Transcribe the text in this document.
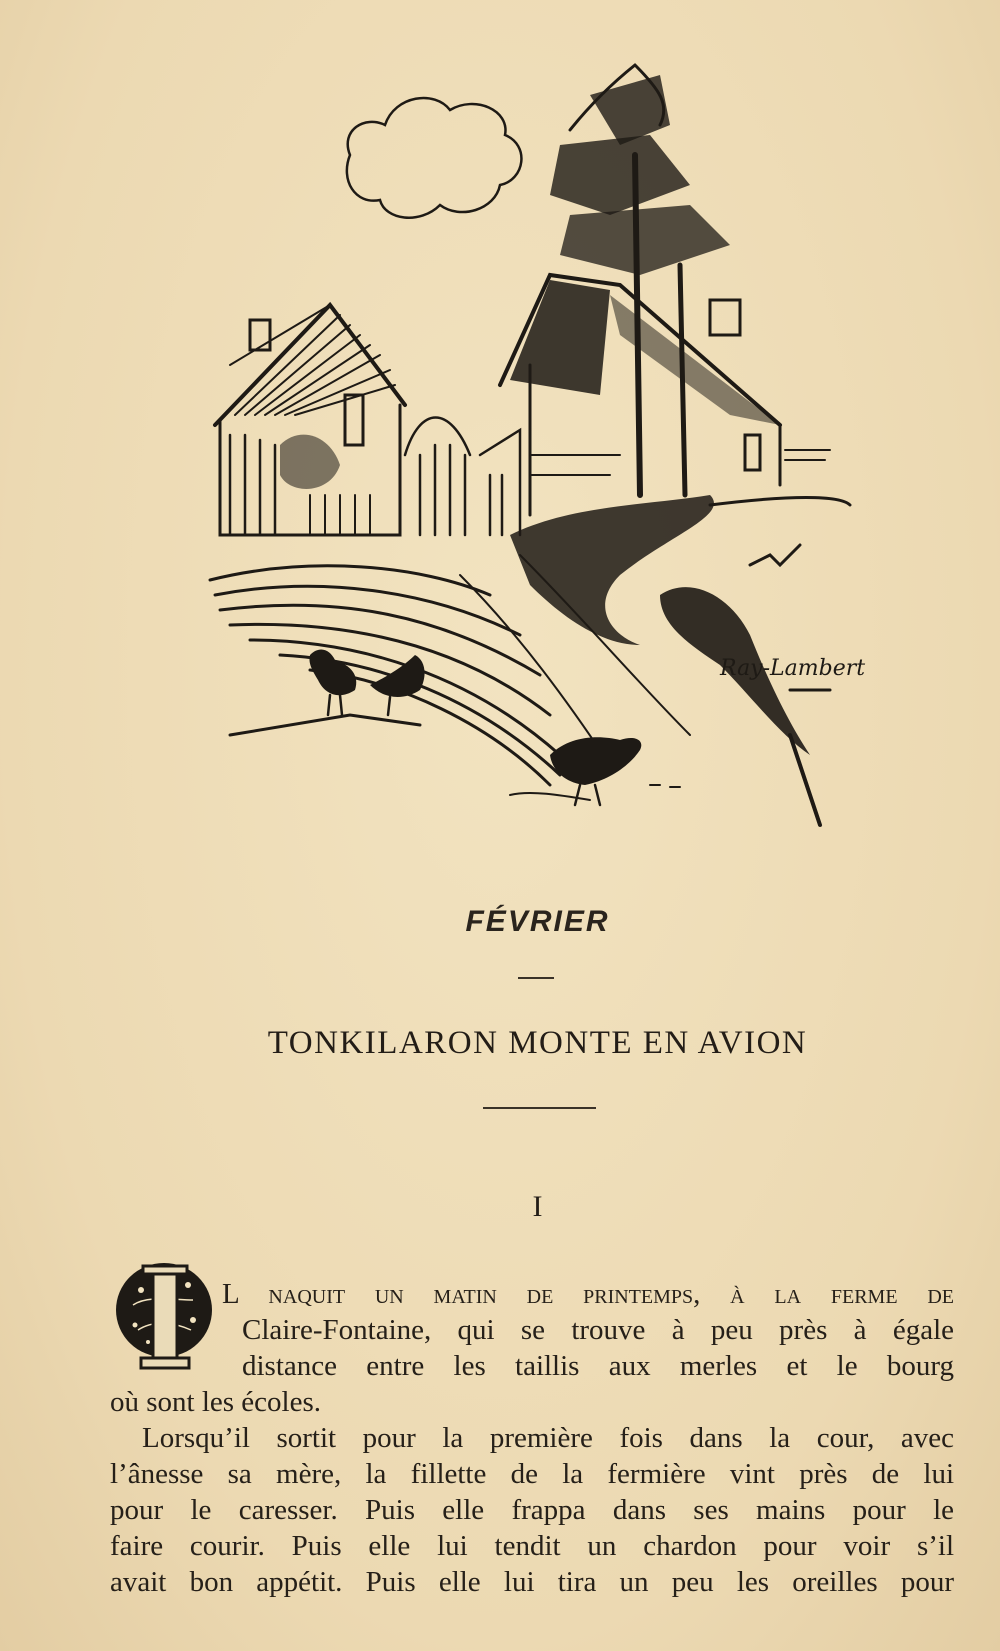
Ray-Lambert
FÉVRIER
TONKILARON MONTE EN AVION
I
L naquit un matin de printemps, à la ferme de
Claire-Fontaine, qui se trouve à peu près à égale
distance entre les taillis aux merles et le bourg
où sont les écoles.
Lorsqu’il sortit pour la première fois dans la cour, avec
l’ânesse sa mère, la fillette de la fermière vint près de lui
pour le caresser. Puis elle frappa dans ses mains pour le
faire courir. Puis elle lui tendit un chardon pour voir s’il
avait bon appétit. Puis elle lui tira un peu les oreilles pour
